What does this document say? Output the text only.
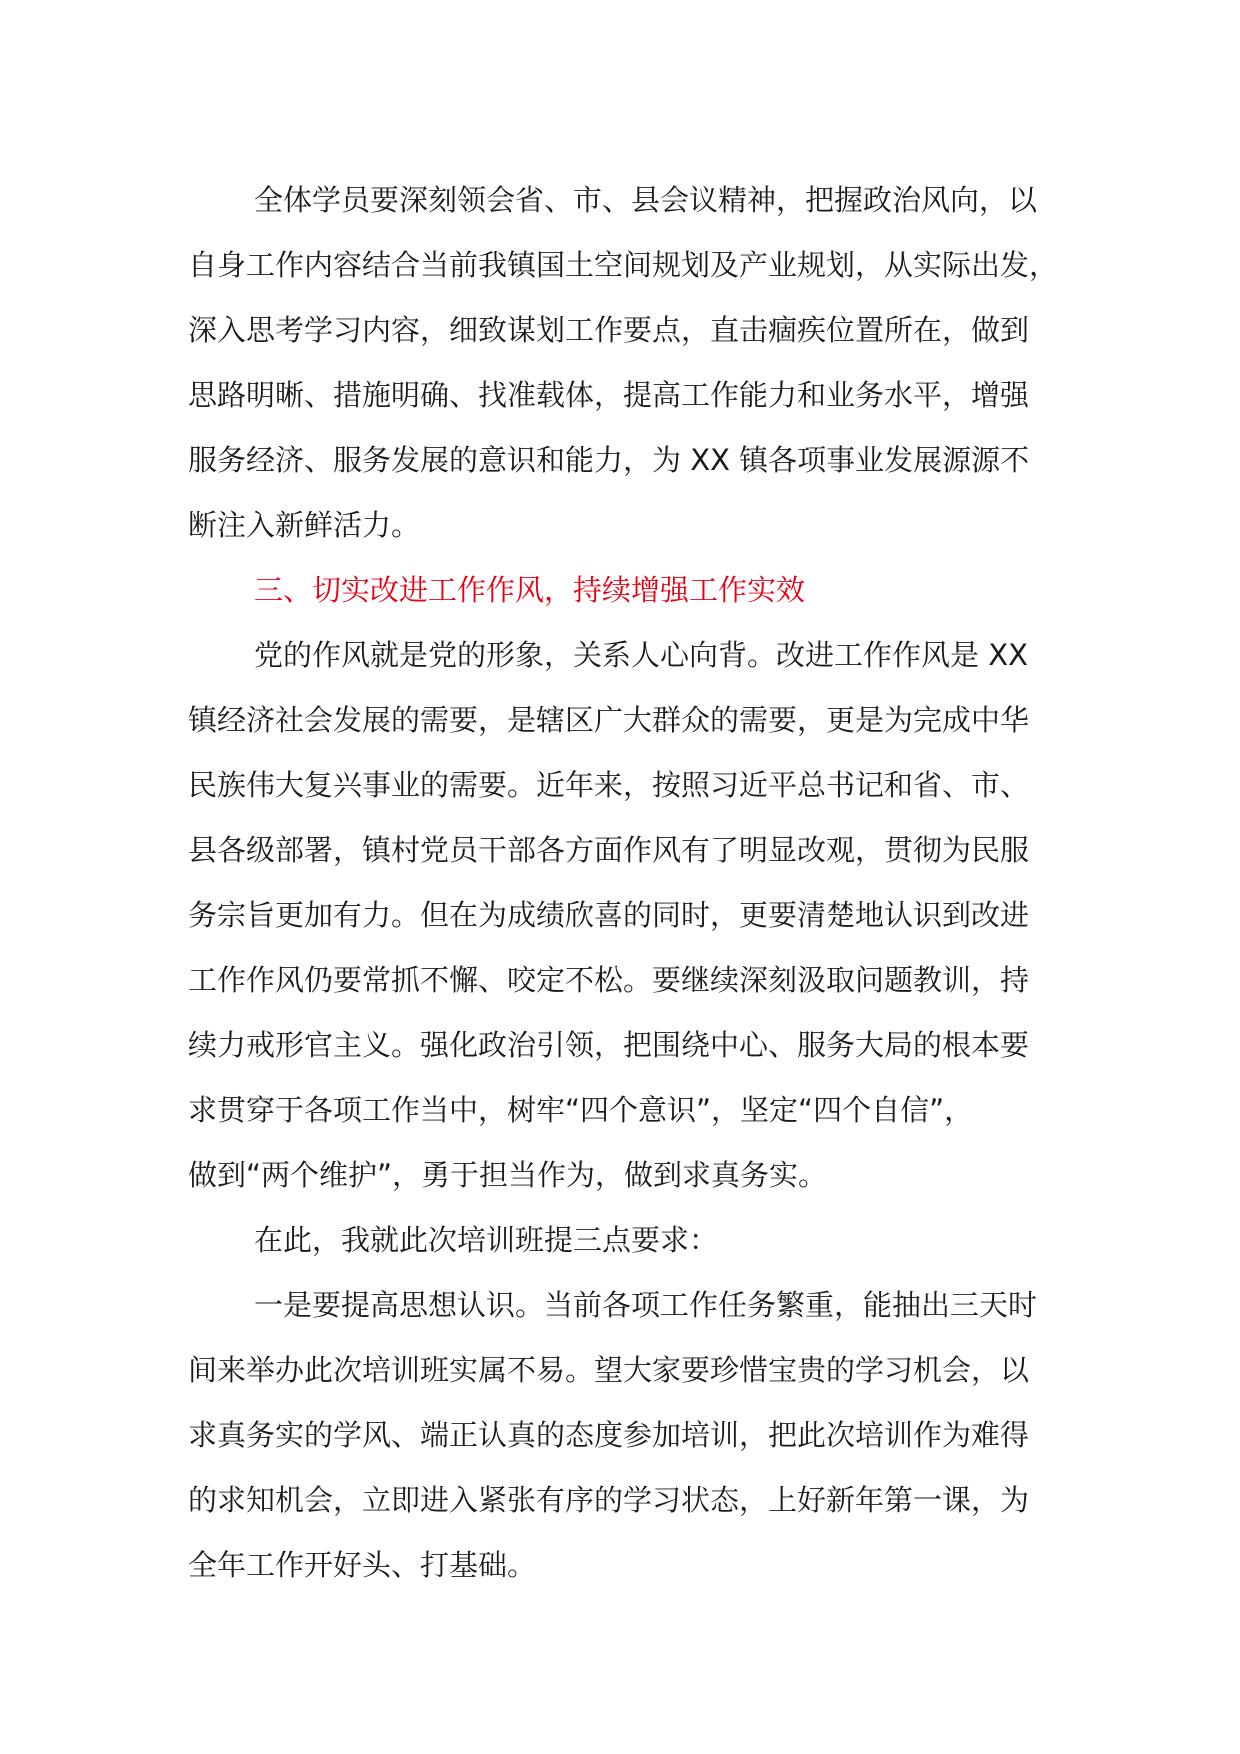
全体学员要深刻领会省、市、县会议精神，把握政治风向，以
自身工作内容结合当前我镇国土空间规划及产业规划，从实际出发，
深入思考学习内容，细致谋划工作要点，直击痼疾位置所在，做到
思路明晰、措施明确、找准载体，提高工作能力和业务水平，增强
服务经济、服务发展的意识和能力，为 XX 镇各项事业发展源源不
断注入新鲜活力。
三、切实改进工作作风，持续增强工作实效
党的作风就是党的形象，关系人心向背。改进工作作风是 XX
镇经济社会发展的需要，是辖区广大群众的需要，更是为完成中华
民族伟大复兴事业的需要。近年来，按照习近平总书记和省、市、
县各级部署，镇村党员干部各方面作风有了明显改观，贯彻为民服
务宗旨更加有力。但在为成绩欣喜的同时，更要清楚地认识到改进
工作作风仍要常抓不懈、咬定不松。要继续深刻汲取问题教训，持
续力戒形官主义。强化政治引领，把围绕中心、服务大局的根本要
求贯穿于各项工作当中，树牢“四个意识”，坚定“四个自信”，
做到“两个维护”，勇于担当作为，做到求真务实。
在此，我就此次培训班提三点要求：
一是要提高思想认识。当前各项工作任务繁重，能抽出三天时
间来举办此次培训班实属不易。望大家要珍惜宝贵的学习机会，以
求真务实的学风、端正认真的态度参加培训，把此次培训作为难得
的求知机会，立即进入紧张有序的学习状态，上好新年第一课，为
全年工作开好头、打基础。
